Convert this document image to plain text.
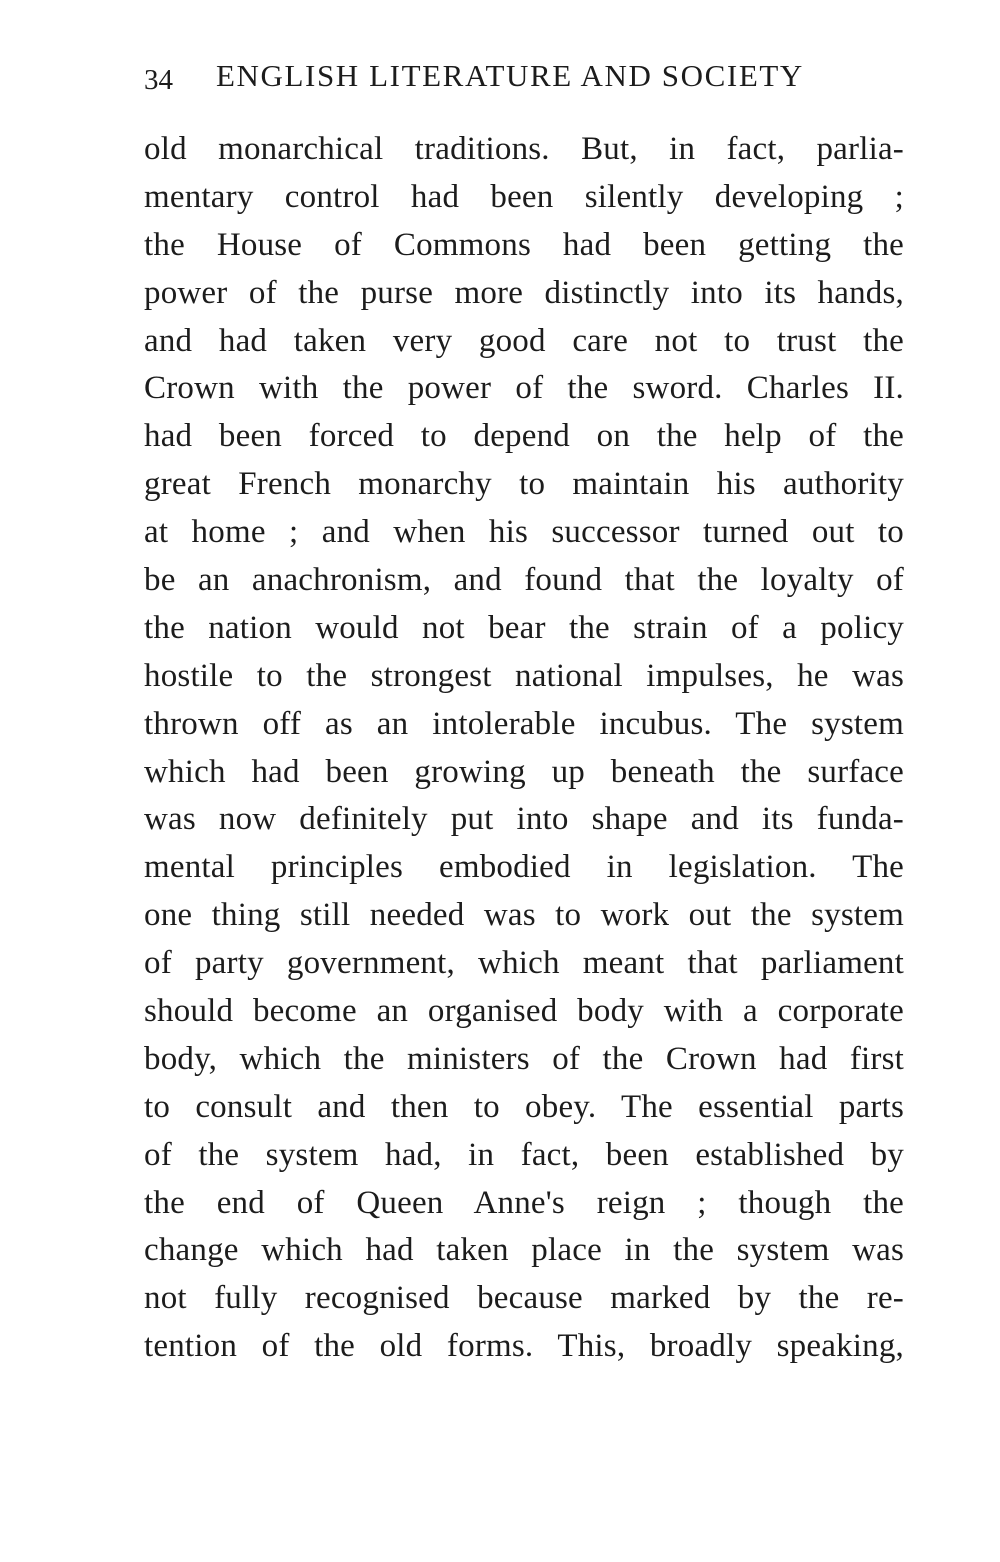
34 ENGLISH LITERATURE AND SOCIETY
old monarchical traditions. But, in fact, parlia-
mentary control had been silently developing ;
the House of Commons had been getting the
power of the purse more distinctly into its hands,
and had taken very good care not to trust the
Crown with the power of the sword. Charles II.
had been forced to depend on the help of the
great French monarchy to maintain his authority
at home ; and when his successor turned out to
be an anachronism, and found that the loyalty of
the nation would not bear the strain of a policy
hostile to the strongest national impulses, he was
thrown off as an intolerable incubus. The system
which had been growing up beneath the surface
was now definitely put into shape and its funda-
mental principles embodied in legislation. The
one thing still needed was to work out the system
of party government, which meant that parliament
should become an organised body with a corporate
body, which the ministers of the Crown had first
to consult and then to obey. The essential parts
of the system had, in fact, been established by
the end of Queen Anne's reign ; though the
change which had taken place in the system was
not fully recognised because marked by the re-
tention of the old forms. This, broadly speaking,
